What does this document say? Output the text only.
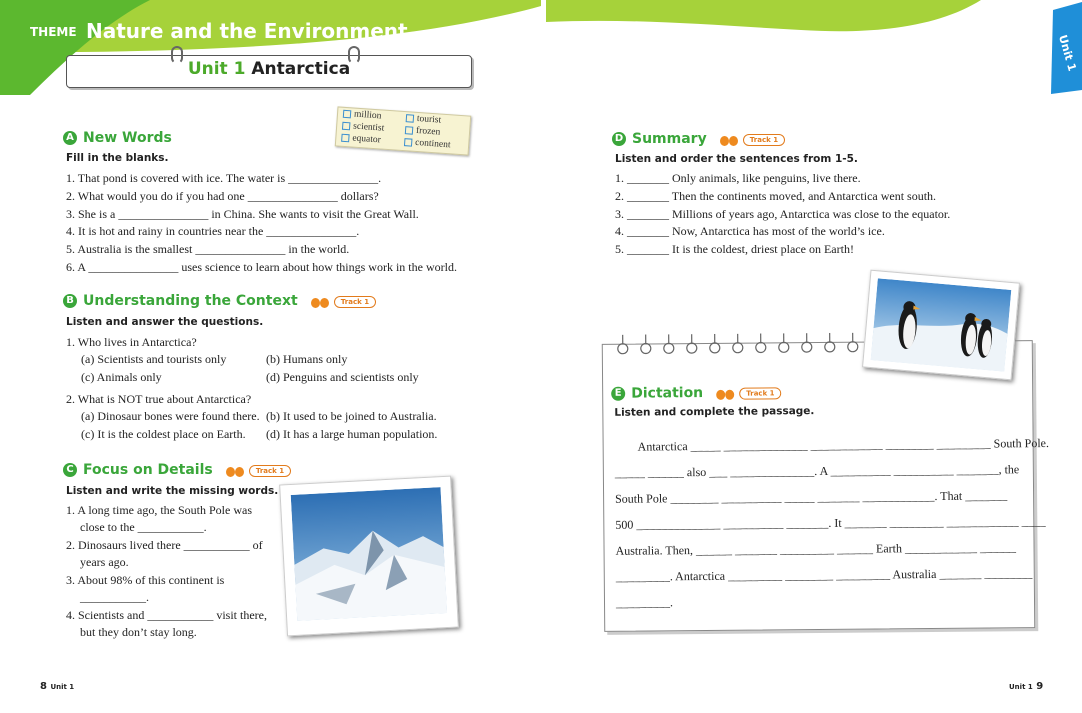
THEME Nature and the Environment
Unit 1 Antarctica
A New Words
million	tourist
scientist	frozen
equator	continent
Fill in the blanks.
1. That pond is covered with ice. The water is _______________.
2. What would you do if you had one _______________ dollars?
3. She is a _______________ in China. She wants to visit the Great Wall.
4. It is hot and rainy in countries near the _______________.
5. Australia is the smallest _______________ in the world.
6. A _______________ uses science to learn about how things work in the world.
B Understanding the Context	Track 1
Listen and answer the questions.
1. Who lives in Antarctica?
(a) Scientists and tourists only	(b) Humans only
(c) Animals only	(d) Penguins and scientists only
2. What is NOT true about Antarctica?
(a) Dinosaur bones were found there. (b) It used to be joined to Australia.
(c) It is the coldest place on Earth. (d) It has a large human population.
C Focus on Details	Track 1
Listen and write the missing words.
1. A long time ago, the South Pole was
close to the ___________.
2. Dinosaurs lived there ___________ of
years ago.
3. About 98% of this continent is
___________.
4. Scientists and ___________ visit there,
but they don’t stay long.
8 Unit 1
Unit 1
D Summary	Track 1
Listen and order the sentences from 1-5.
1. _______ Only animals, like penguins, live there.
2. _______ Then the continents moved, and Antarctica went south.
3. _______ Millions of years ago, Antarctica was close to the equator.
4. _______ Now, Antarctica has most of the world’s ice.
5. _______ It is the coldest, driest place on Earth!
Unit 1 9
E Dictation	Track 1
Listen and complete the passage.
Antarctica _____ ______________ ____________ ________ _________ South Pole.
_____ ______ also ___ ______________. A __________ __________ _______, the
South Pole ________ __________ _____ _______ ____________. That _______
500 ______________ __________ _______. It _______ _________ ____________ ____
Australia. Then, ______ _______ _________ ______ Earth ____________ ______
_________. Antarctica _________ ________ _________ Australia _______ ________
_________.
